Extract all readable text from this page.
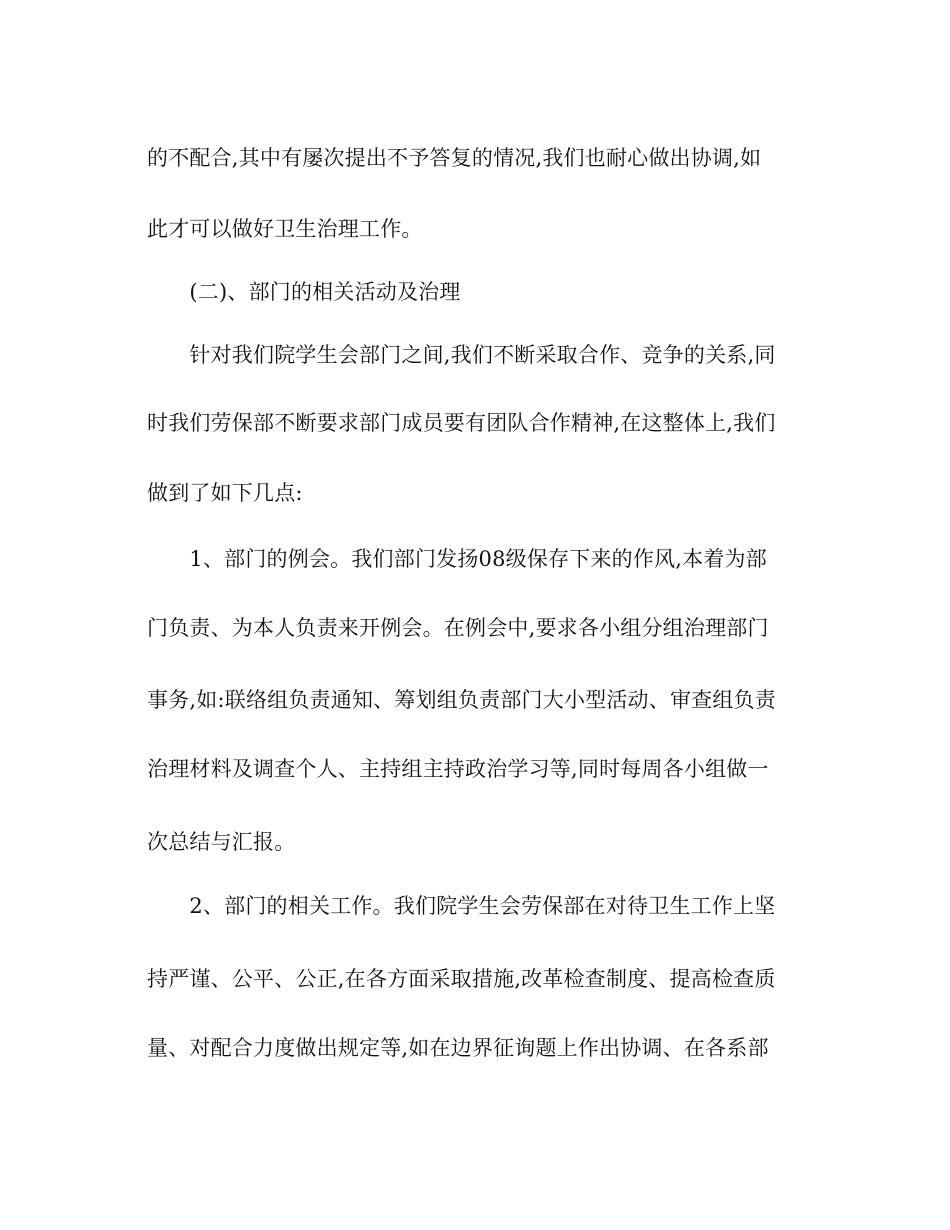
的不配合,其中有屡次提出不予答复的情况,我们也耐心做出协调,如
此才可以做好卫生治理工作。
　　(二)、部门的相关活动及治理
　　针对我们院学生会部门之间,我们不断采取合作、竞争的关系,同
时我们劳保部不断要求部门成员要有团队合作精神,在这整体上,我们
做到了如下几点:
　　1、部门的例会。我们部门发扬08级保存下来的作风,本着为部
门负责、为本人负责来开例会。在例会中,要求各小组分组治理部门
事务,如:联络组负责通知、筹划组负责部门大小型活动、审查组负责
治理材料及调查个人、主持组主持政治学习等,同时每周各小组做一
次总结与汇报。
　　2、部门的相关工作。我们院学生会劳保部在对待卫生工作上坚
持严谨、公平、公正,在各方面采取措施,改革检查制度、提高检查质
量、对配合力度做出规定等,如在边界征询题上作出协调、在各系部
